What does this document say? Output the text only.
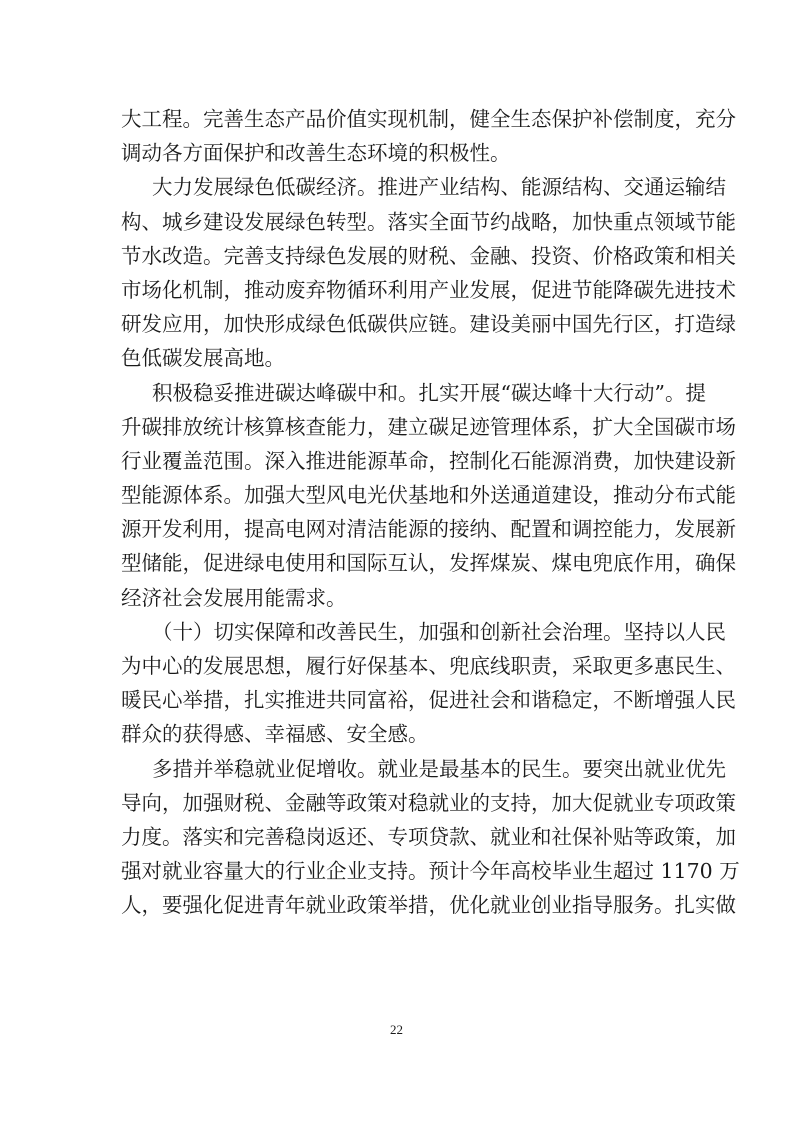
大工程。完善生态产品价值实现机制，健全生态保护补偿制度，充分
调动各方面保护和改善生态环境的积极性。
大力发展绿色低碳经济。推进产业结构、能源结构、交通运输结
构、城乡建设发展绿色转型。落实全面节约战略，加快重点领域节能
节水改造。完善支持绿色发展的财税、金融、投资、价格政策和相关
市场化机制，推动废弃物循环利用产业发展，促进节能降碳先进技术
研发应用，加快形成绿色低碳供应链。建设美丽中国先行区，打造绿
色低碳发展高地。
积极稳妥推进碳达峰碳中和。扎实开展“碳达峰十大行动”。提
升碳排放统计核算核查能力，建立碳足迹管理体系，扩大全国碳市场
行业覆盖范围。深入推进能源革命，控制化石能源消费，加快建设新
型能源体系。加强大型风电光伏基地和外送通道建设，推动分布式能
源开发利用，提高电网对清洁能源的接纳、配置和调控能力，发展新
型储能，促进绿电使用和国际互认，发挥煤炭、煤电兜底作用，确保
经济社会发展用能需求。
（十）切实保障和改善民生，加强和创新社会治理。坚持以人民
为中心的发展思想，履行好保基本、兜底线职责，采取更多惠民生、
暖民心举措，扎实推进共同富裕，促进社会和谐稳定，不断增强人民
群众的获得感、幸福感、安全感。
多措并举稳就业促增收。就业是最基本的民生。要突出就业优先
导向，加强财税、金融等政策对稳就业的支持，加大促就业专项政策
力度。落实和完善稳岗返还、专项贷款、就业和社保补贴等政策，加
强对就业容量大的行业企业支持。预计今年高校毕业生超过 1170 万
人，要强化促进青年就业政策举措，优化就业创业指导服务。扎实做
22
